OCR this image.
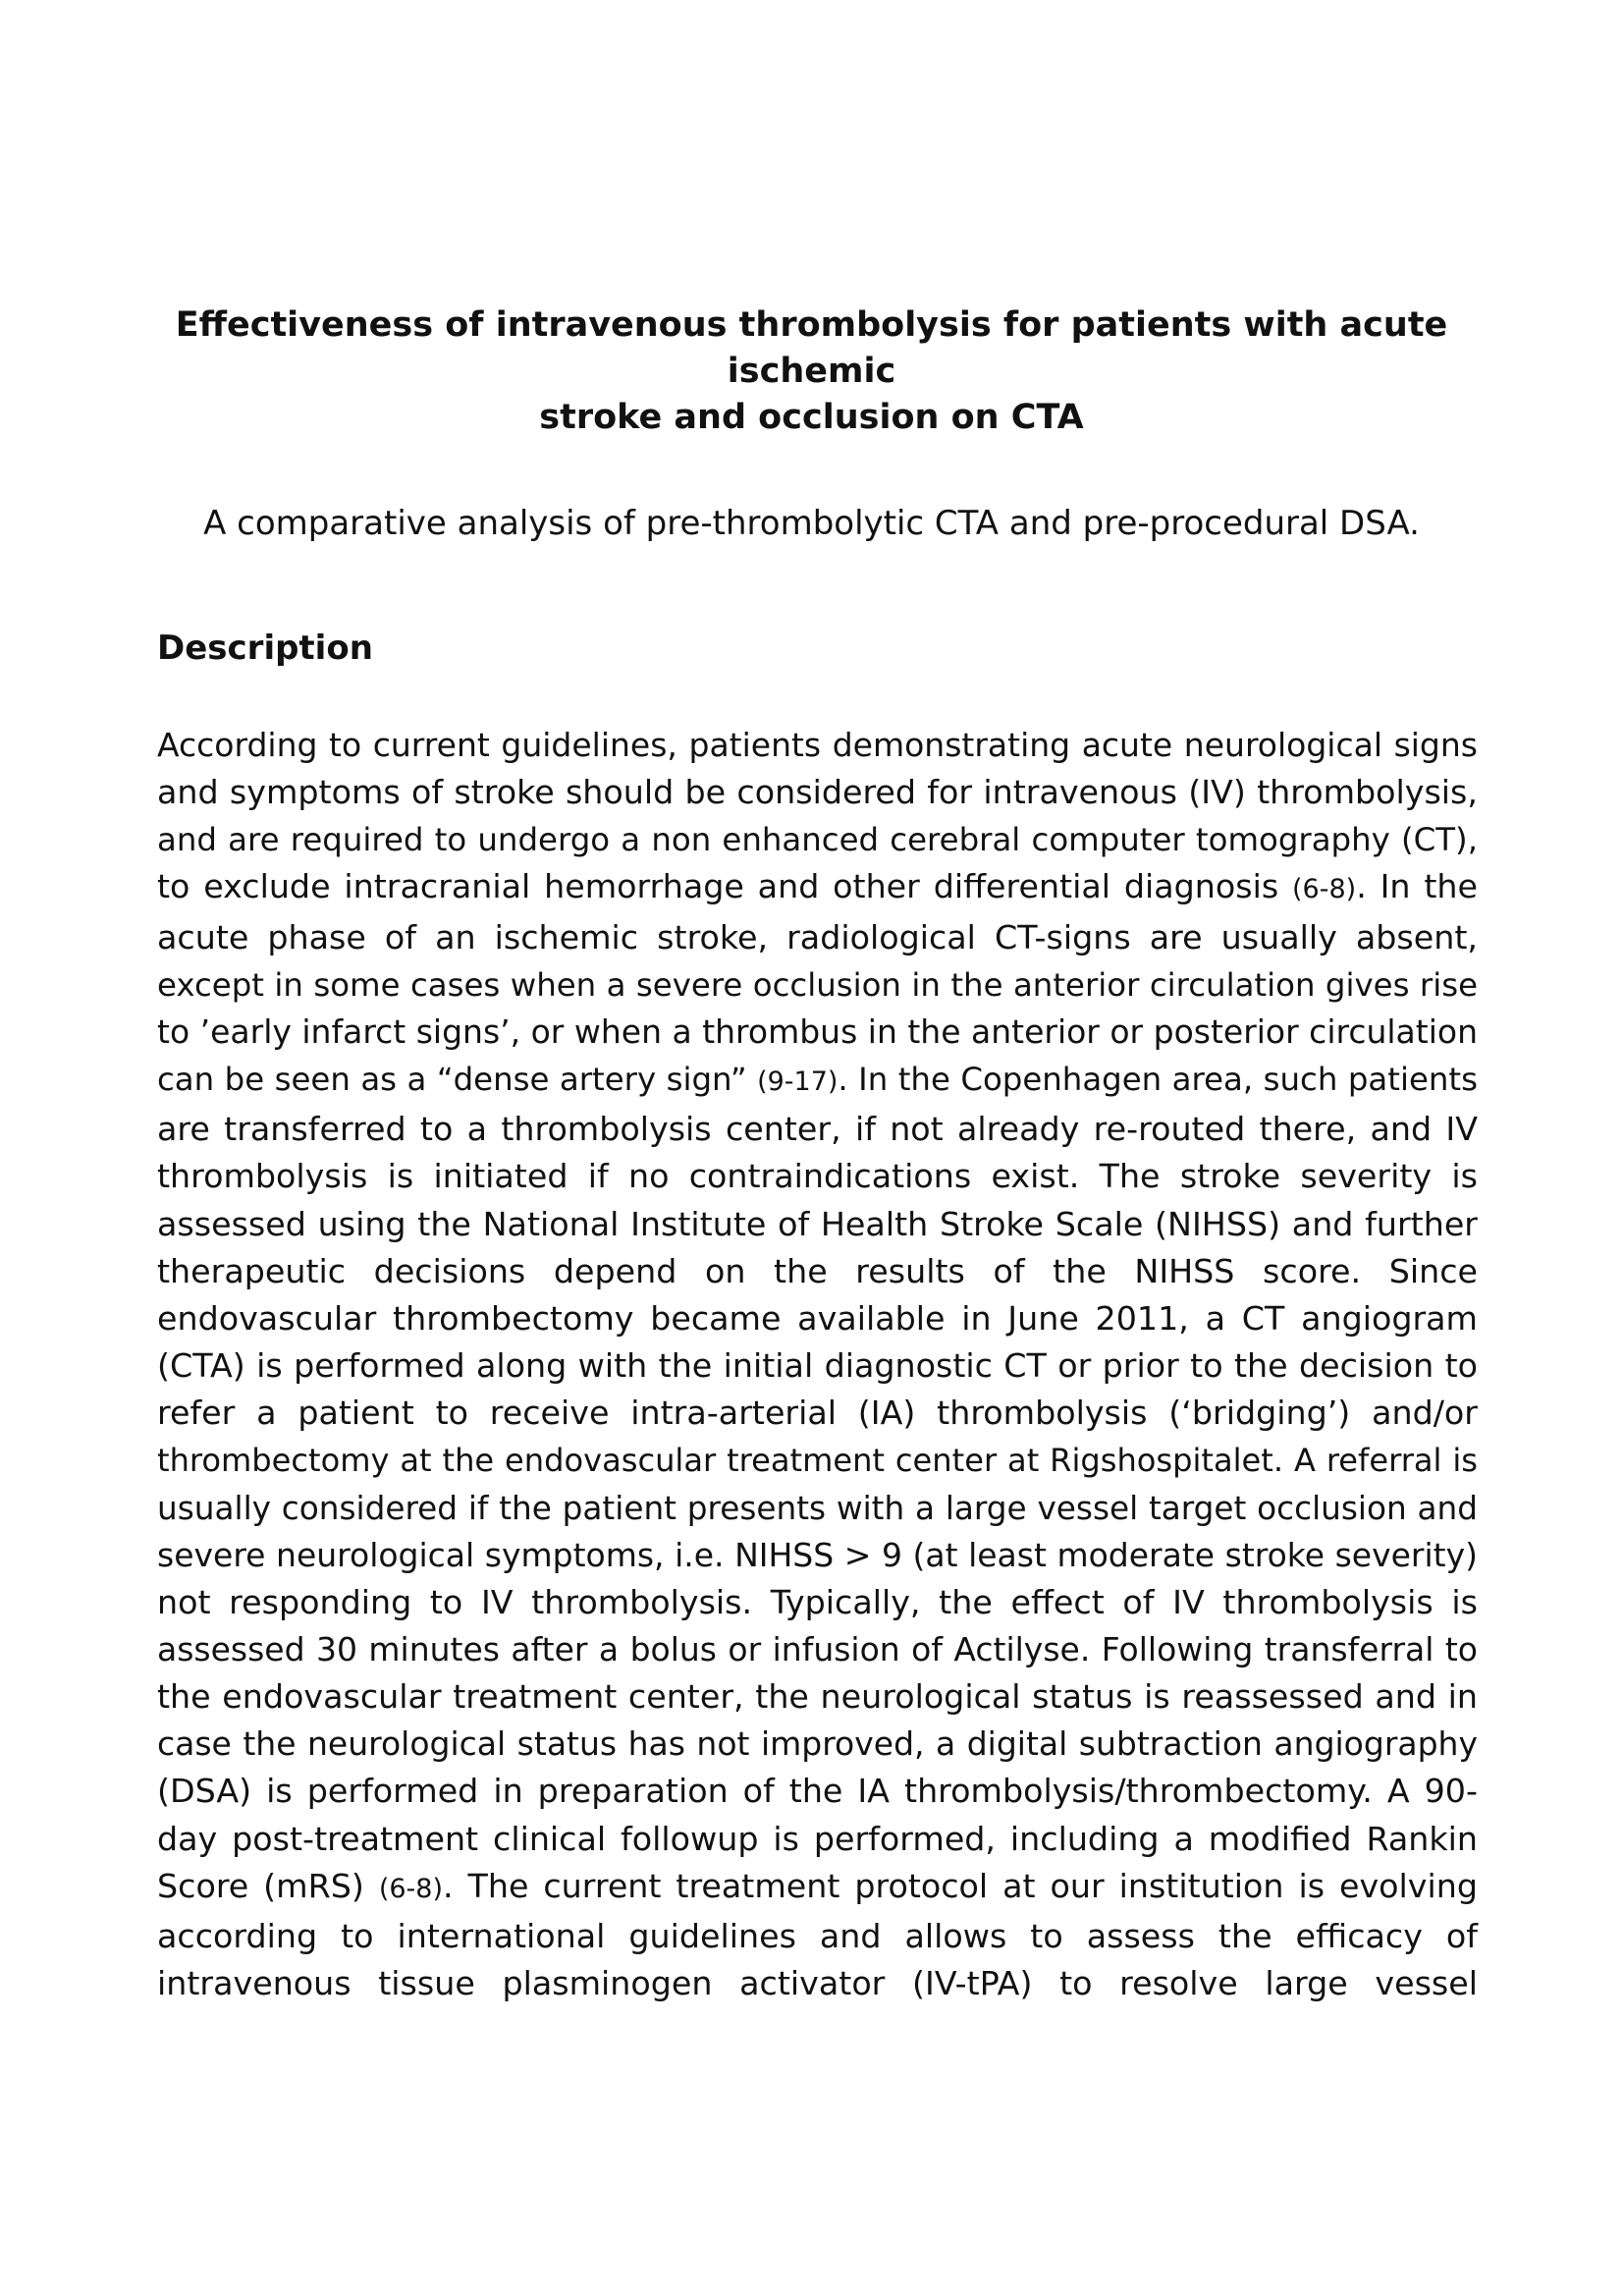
Effectiveness of intravenous thrombolysis for patients with acute ischemic
stroke and occlusion on CTA

A comparative analysis of pre-thrombolytic CTA and pre-procedural DSA.

Description
According to current guidelines, patients demonstrating acute neurological signs
and symptoms of stroke should be considered for intravenous (IV) thrombolysis,
and are required to undergo a non enhanced cerebral computer tomography (CT),
to exclude intracranial hemorrhage and other differential diagnosis (6-8). In the
acute phase of an ischemic stroke, radiological CT-signs are usually absent,
except in some cases when a severe occlusion in the anterior circulation gives rise
to ’early infarct signs’, or when a thrombus in the anterior or posterior circulation
can be seen as a “dense artery sign” (9-17). In the Copenhagen area, such patients
are transferred to a thrombolysis center, if not already re-routed there, and IV
thrombolysis is initiated if no contraindications exist. The stroke severity is
assessed using the National Institute of Health Stroke Scale (NIHSS) and further
therapeutic decisions depend on the results of the NIHSS score. Since
endovascular thrombectomy became available in June 2011, a CT angiogram
(CTA) is performed along with the initial diagnostic CT or prior to the decision to
refer a patient to receive intra-arterial (IA) thrombolysis (‘bridging’) and/or
thrombectomy at the endovascular treatment center at Rigshospitalet. A referral is
usually considered if the patient presents with a large vessel target occlusion and
severe neurological symptoms, i.e. NIHSS > 9 (at least moderate stroke severity)
not responding to IV thrombolysis. Typically, the effect of IV thrombolysis is
assessed 30 minutes after a bolus or infusion of Actilyse. Following transferral to
the endovascular treatment center, the neurological status is reassessed and in
case the neurological status has not improved, a digital subtraction angiography
(DSA) is performed in preparation of the IA thrombolysis/thrombectomy. A 90-
day post-treatment clinical followup is performed, including a modified Rankin
Score (mRS) (6-8). The current treatment protocol at our institution is evolving
according to international guidelines and allows to assess the efficacy of
intravenous tissue plasminogen activator (IV-tPA) to resolve large vessel
